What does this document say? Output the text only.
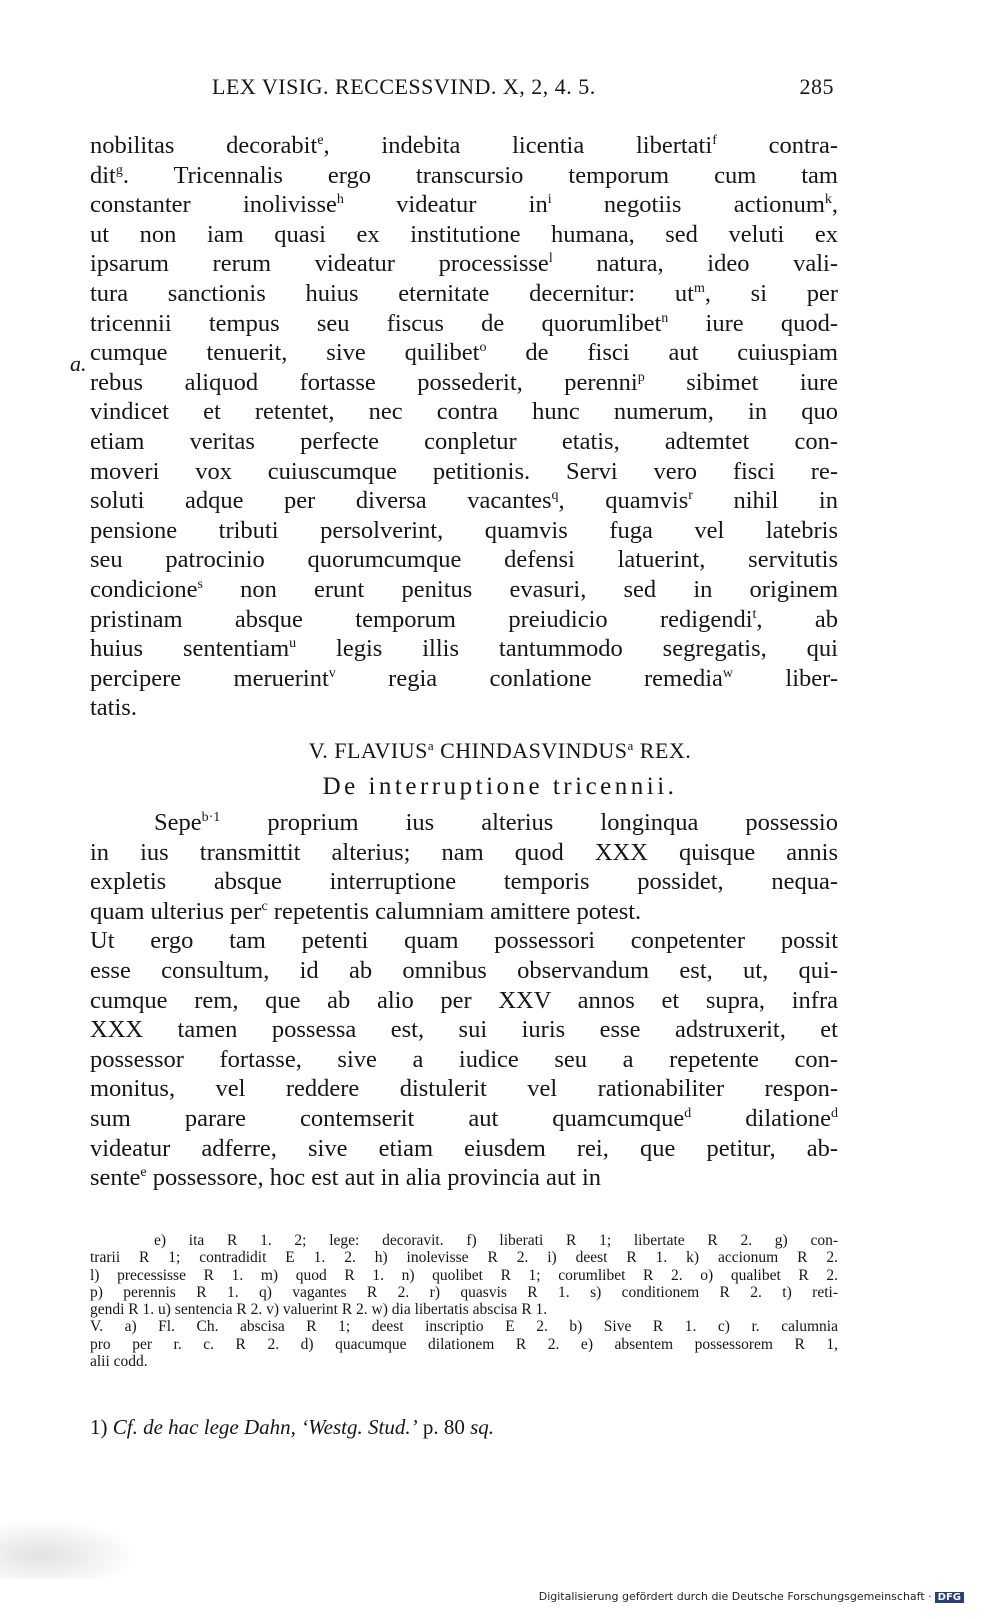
LEX VISIG. RECCESSVIND. X, 2, 4. 5.	285
a.
nobilitas decorabit$^e$, indebita licentia libertati$^f$ contra-
dit$^g$. Tricennalis ergo transcursio temporum cum tam
constanter inolivisse$^h$ videatur $in^i$ negotiis actionum$^k$,
ut non iam quasi ex institutione humana, sed veluti ex
ipsarum rerum videatur processisse$^l$ natura, ideo vali-
tura sanctionis huius eternitate decernitur: $ut^m$, si per
tricennii tempus seu fiscus de quorumlibet$^n$ iure quod-
cumque tenuerit, sive quilibet$^o$ de fisci aut cuiuspiam
rebus aliquod fortasse possederit, perenni$^p$ sibimet iure
vindicet et retentet, nec contra hunc numerum, in quo
etiam veritas perfecte conpletur etatis, adtemtet con-
moveri vox cuiuscumque petitionis. Servi vero fisci re-
soluti adque per diversa vacantes$^q$, quamvis$^r$ nihil in
pensione tributi persolverint, quamvis fuga vel latebris
seu patrocinio quorumcumque defensi latuerint, servitutis
condicione$^s$ non erunt penitus evasuri, sed in originem
pristinam absque temporum preiudicio redigendi$^t$, ab
huius sententiam$^u$ legis illis tantummodo segregatis, qui
percipere meruerint$^v$ regia conlatione remedia$^w$ liber-
tatis.
V. FLAVIUS$^a$ CHINDASVINDUS$^a$ REX.
De interruptione tricennii.
Sepe$^{b\cdot 1}$ proprium ius alterius longinqua possessio
in ius transmittit alterius; nam quod XXX quisque annis
expletis absque interruptione temporis possidet, nequa-
quam ulterius per$^c$ repetentis calumniam amittere potest.
Ut ergo tam petenti quam possessori conpetenter possit
esse consultum, id ab omnibus observandum est, ut, qui-
cumque rem, que ab alio per XXV annos et supra, infra
XXX tamen possessa est, sui iuris esse adstruxerit, et
possessor fortasse, sive a iudice seu a repetente con-
monitus, vel reddere distulerit vel rationabiliter respon-
sum parare contemserit aut quamcumque$^d$ dilatione$^d$
videatur adferre, sive etiam eiusdem rei, que petitur, ab-
sente$^e$ possessore, hoc est aut in alia provincia aut in
e) ita R 1. 2; lege: decoravit. f) liberati R 1; libertate R 2. g) con-
trarii R 1; contradidit E 1. 2. h) inolevisse R 2. i) deest R 1. k) accionum R 2.
l) precessisse R 1. m) quod R 1. n) quolibet R 1; corumlibet R 2. o) qualibet R 2.
p) perennis R 1. q) vagantes R 2. r) quasvis R 1. s) conditionem R 2. t) reti-
gendi R 1. u) sentencia R 2. v) valuerint R 2. w) dia libertatis abscisa R 1.
V. a) Fl. Ch. abscisa R 1; deest inscriptio E 2. b) Sive R 1. c) r. calumnia
pro per r. c. R 2. d) quacumque dilationem R 2. e) absentem possessorem R 1,
alii codd.
1) Cf. de hac lege Dahn, ‘Westg. Stud.’ p. 80 sq.
Digitalisierung gefördert durch die Deutsche Forschungsgemeinschaft · DFG
